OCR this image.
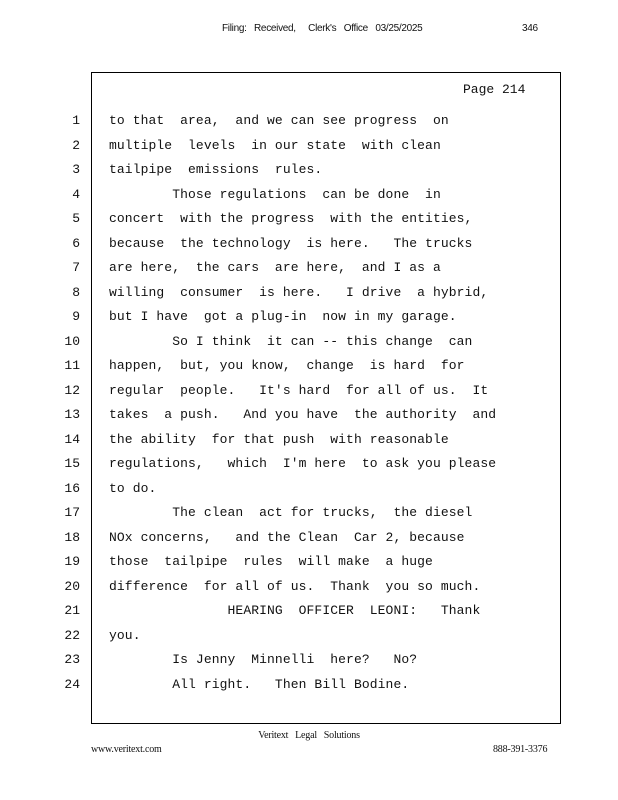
Filing:   Received,     Clerk's   Office   03/25/2025	346
Page 214
1 to that  area,  and we can see progress  on
2 multiple  levels  in our state  with clean
3 tailpipe  emissions  rules.
4 Those regulations  can be done  in
5 concert  with the progress  with the entities,
6 because  the technology  is here.   The trucks
7 are here,  the cars  are here,  and I as a
8 willing  consumer  is here.   I drive  a hybrid,
9 but I have  got a plug-in  now in my garage.
10 So I think  it can -- this change  can
11 happen,  but, you know,  change  is hard  for
12 regular  people.   It's hard  for all of us.  It
13 takes  a push.   And you have  the authority  and
14 the ability  for that push  with reasonable
15 regulations,   which  I'm here  to ask you please
16 to do.
17 The clean  act for trucks,  the diesel
18 NOx concerns,   and the Clean  Car 2, because
19 those  tailpipe  rules  will make  a huge
20 difference  for all of us.  Thank  you so much.
21 HEARING  OFFICER  LEONI:   Thank
22 you.
23 Is Jenny  Minnelli  here?   No?
24 All right.   Then Bill Bodine.
Veritext   Legal   Solutions
www.veritext.com	888-391-3376
